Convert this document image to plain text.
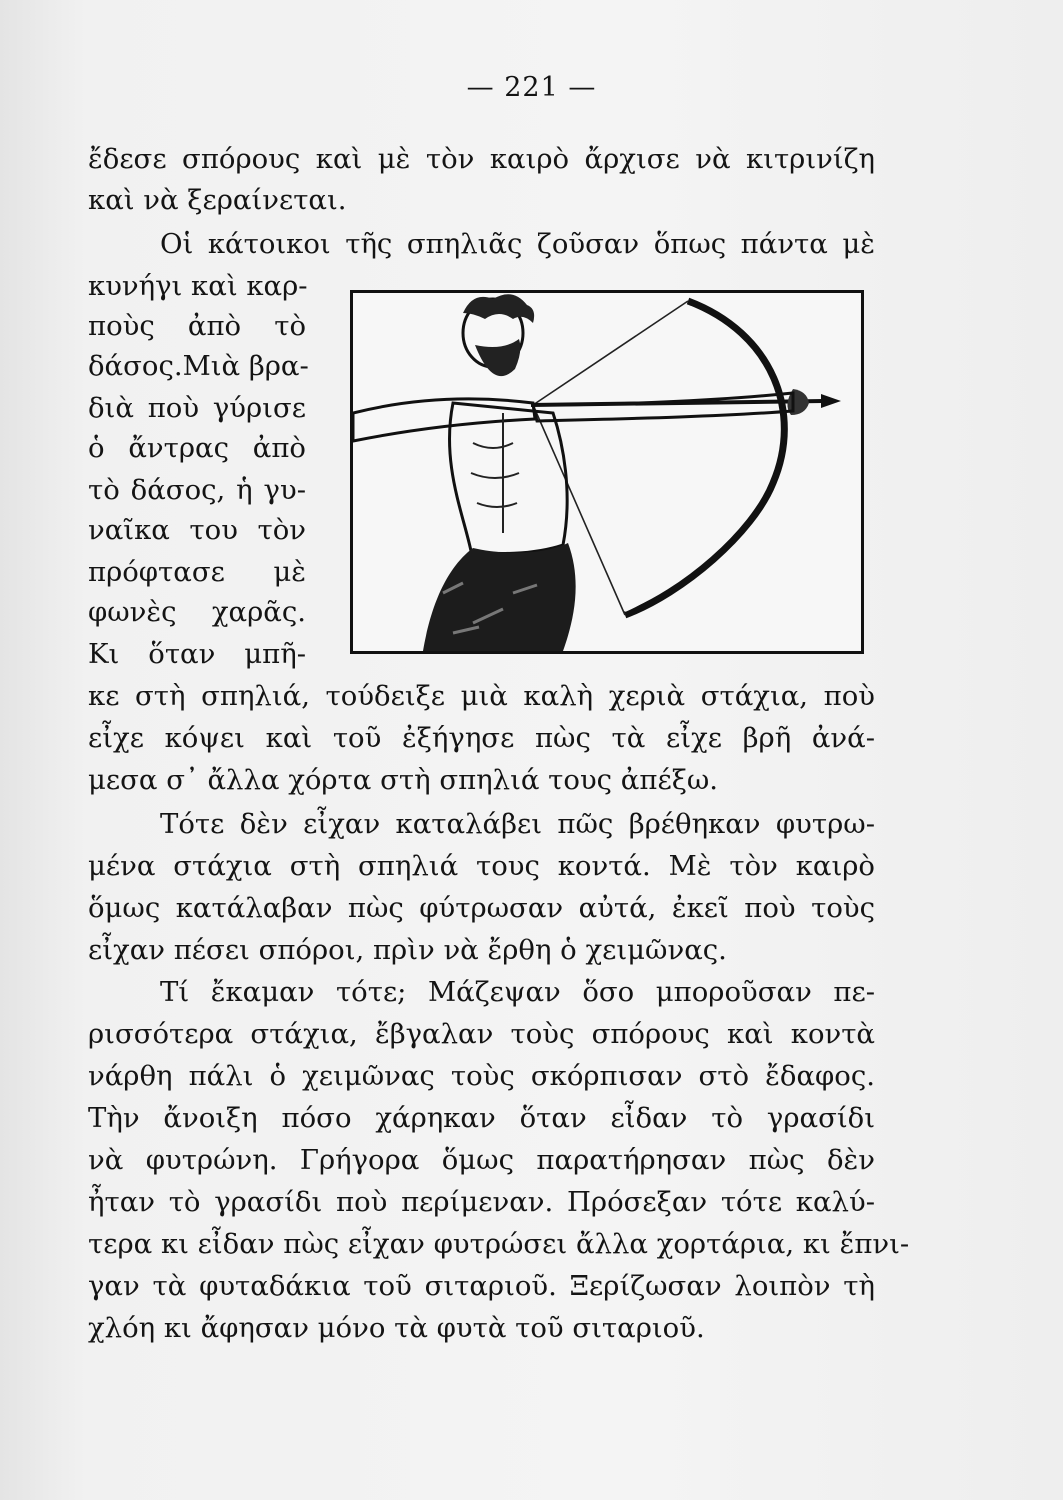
— 221 —
ἔδεσε σπόρους καὶ μὲ τὸν καιρὸ ἄρχισε νὰ κιτρινίζη
καὶ νὰ ξεραίνεται.
Οἱ κάτοικοι τῆς σπηλιᾶς ζοῦσαν ὅπως πάντα μὲ
κυνήγι καὶ καρ-
ποὺς ἀπὸ τὸ
δάσος.Μιὰ βρα-
διὰ ποὺ γύρισε
ὁ ἄντρας ἀπὸ
τὸ δάσος, ἡ γυ-
ναῖκα του τὸν
πρόφτασε μὲ
φωνὲς χαρᾶς.
Κι ὅταν μπῆ-
κε στὴ σπηλιά, τούδειξε μιὰ καλὴ χεριὰ στάχια, ποὺ
εἶχε κόψει καὶ τοῦ ἐξήγησε πὼς τὰ εἶχε βρῆ ἀνά-
μεσα σ᾿ ἄλλα χόρτα στὴ σπηλιά τους ἀπέξω.
Τότε δὲν εἶχαν καταλάβει πῶς βρέθηκαν φυτρω-
μένα στάχια στὴ σπηλιά τους κοντά. Μὲ τὸν καιρὸ
ὅμως κατάλαβαν πὼς φύτρωσαν αὐτά, ἐκεῖ ποὺ τοὺς
εἶχαν πέσει σπόροι, πρὶν νὰ ἔρθη ὁ χειμῶνας.
Τί ἔκαμαν τότε; Μάζεψαν ὅσο μποροῦσαν πε-
ρισσότερα στάχια, ἔβγαλαν τοὺς σπόρους καὶ κοντὰ
νάρθη πάλι ὁ χειμῶνας τοὺς σκόρπισαν στὸ ἔδαφος.
Τὴν ἄνοιξη πόσο χάρηκαν ὅταν εἶδαν τὸ γρασίδι
νὰ φυτρώνη. Γρήγορα ὅμως παρατήρησαν πὼς δὲν
ἦταν τὸ γρασίδι ποὺ περίμεναν. Πρόσεξαν τότε καλύ-
τερα κι εἶδαν πὼς εἶχαν φυτρώσει ἄλλα χορτάρια, κι ἔπνι-
γαν τὰ φυταδάκια τοῦ σιταριοῦ. Ξερίζωσαν λοιπὸν τὴ
χλόη κι ἄφησαν μόνο τὰ φυτὰ τοῦ σιταριοῦ.
